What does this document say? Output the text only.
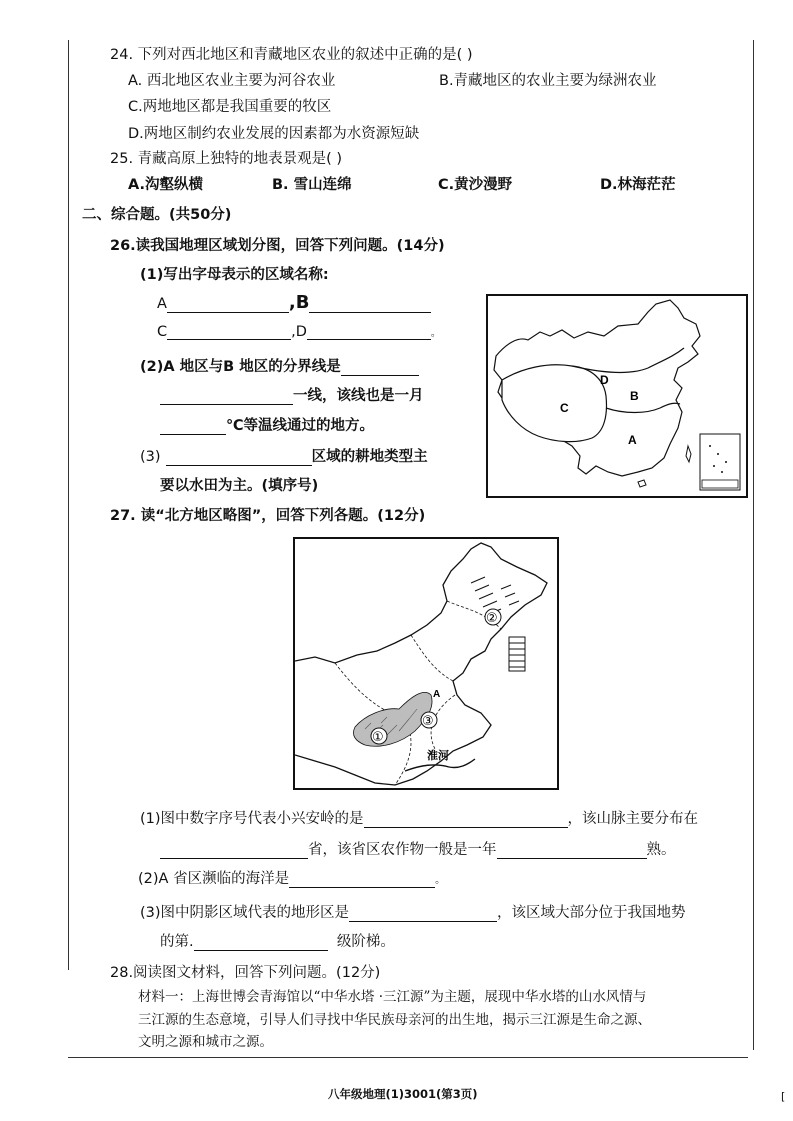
24. 下列对西北地区和青藏地区农业的叙述中正确的是( )
A. 西北地区农业主要为河谷农业	B.青藏地区的农业主要为绿洲农业
C.两地地区都是我国重要的牧区
D.两地区制约农业发展的因素都为水资源短缺
25. 青藏高原上独特的地表景观是( )
A.沟壑纵横	B. 雪山连绵	C.黄沙漫野	D.林海茫茫
二、综合题。(共50分)
26.读我国地理区域划分图，回答下列问题。(14分)
(1)写出字母表示的区域名称:
A	,B
C	,D	。
(2)A 地区与B 地区的分界线是
一线，该线也是一月
℃等温线通过的地方。
(3)	区域的耕地类型主
要以水田为主。(填序号)
A
B
C
D
27. 读“北方地区略图”，回答下列各题。(12分)
①
②
③
A
淮河
(1)图中数字序号代表小兴安岭的是	，该山脉主要分布在
省，该省区农作物一般是一年	熟。
(2)A 省区濒临的海洋是	。
(3)图中阴影区域代表的地形区是	，该区域大部分位于我国地势
的第.	级阶梯。
28.阅读图文材料，回答下列问题。(12分)
材料一：上海世博会青海馆以“中华水塔 ·三江源”为主题，展现中华水塔的山水风情与
三江源的生态意境，引导人们寻找中华民族母亲河的出生地，揭示三江源是生命之源、
文明之源和城市之源。
八年级地理(1)3001(第3页)	[
